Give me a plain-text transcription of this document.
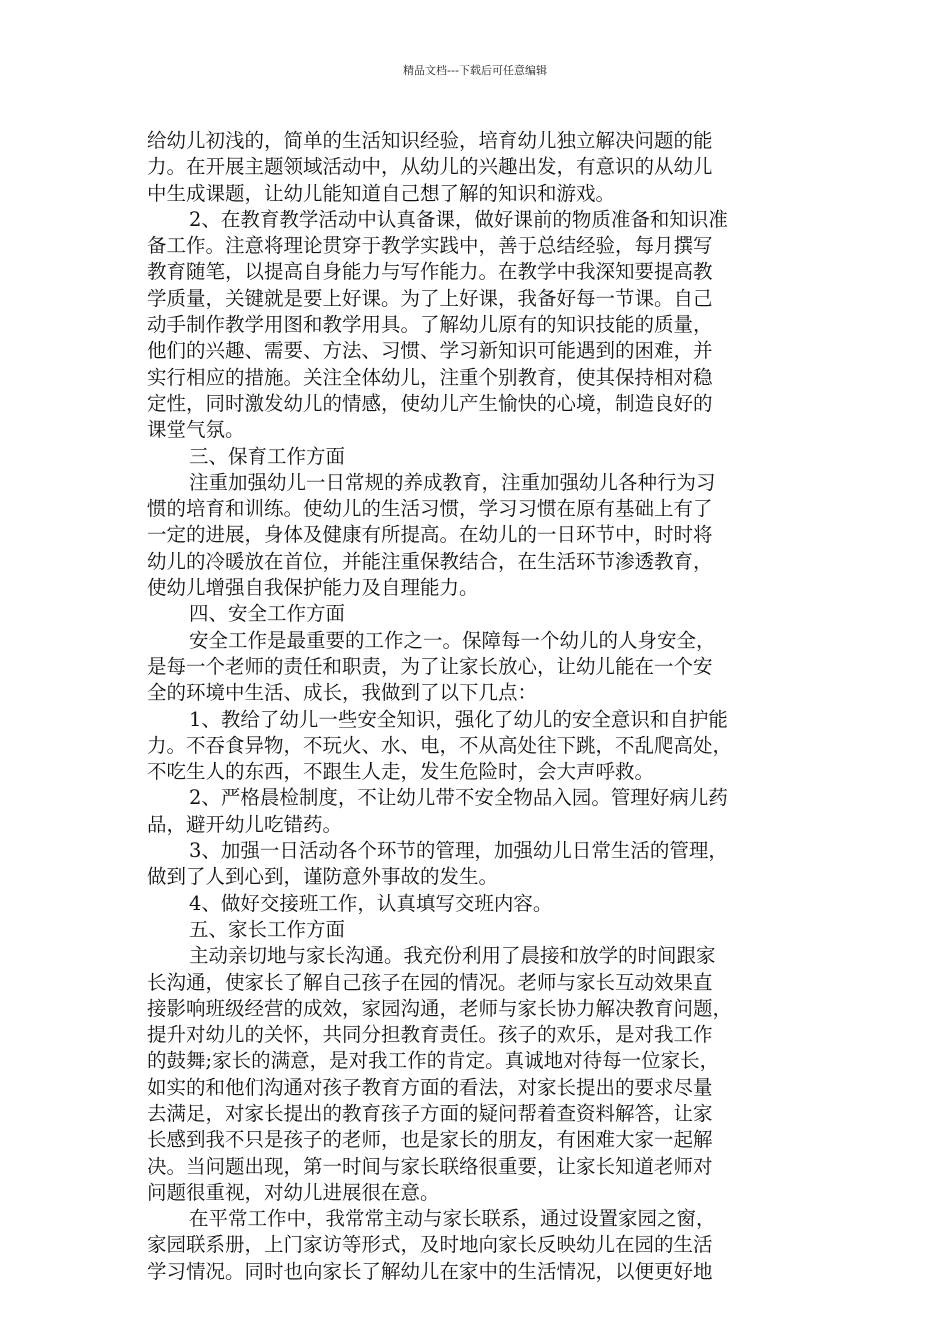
精品文档---下载后可任意编辑
给幼儿初浅的，简单的生活知识经验，培育幼儿独立解决问题的能
力。在开展主题领域活动中，从幼儿的兴趣出发，有意识的从幼儿
中生成课题，让幼儿能知道自己想了解的知识和游戏。
2、在教育教学活动中认真备课，做好课前的物质准备和知识准
备工作。注意将理论贯穿于教学实践中，善于总结经验，每月撰写
教育随笔，以提高自身能力与写作能力。在教学中我深知要提高教
学质量，关键就是要上好课。为了上好课，我备好每一节课。自己
动手制作教学用图和教学用具。了解幼儿原有的知识技能的质量，
他们的兴趣、需要、方法、习惯、学习新知识可能遇到的困难，并
实行相应的措施。关注全体幼儿，注重个别教育，使其保持相对稳
定性，同时激发幼儿的情感，使幼儿产生愉快的心境，制造良好的
课堂气氛。
三、保育工作方面
注重加强幼儿一日常规的养成教育，注重加强幼儿各种行为习
惯的培育和训练。使幼儿的生活习惯，学习习惯在原有基础上有了
一定的进展，身体及健康有所提高。在幼儿的一日环节中，时时将
幼儿的冷暖放在首位，并能注重保教结合，在生活环节渗透教育，
使幼儿增强自我保护能力及自理能力。
四、安全工作方面
安全工作是最重要的工作之一。保障每一个幼儿的人身安全，
是每一个老师的责任和职责，为了让家长放心，让幼儿能在一个安
全的环境中生活、成长，我做到了以下几点：
1、教给了幼儿一些安全知识，强化了幼儿的安全意识和自护能
力。不吞食异物，不玩火、水、电，不从高处往下跳，不乱爬高处，
不吃生人的东西，不跟生人走，发生危险时，会大声呼救。
2、严格晨检制度，不让幼儿带不安全物品入园。管理好病儿药
品，避开幼儿吃错药。
3、加强一日活动各个环节的管理，加强幼儿日常生活的管理，
做到了人到心到，谨防意外事故的发生。
4、做好交接班工作，认真填写交班内容。
五、家长工作方面
主动亲切地与家长沟通。我充份利用了晨接和放学的时间跟家
长沟通，使家长了解自己孩子在园的情况。老师与家长互动效果直
接影响班级经营的成效，家园沟通，老师与家长协力解决教育问题，
提升对幼儿的关怀，共同分担教育责任。孩子的欢乐，是对我工作
的鼓舞;家长的满意，是对我工作的肯定。真诚地对待每一位家长，
如实的和他们沟通对孩子教育方面的看法，对家长提出的要求尽量
去满足，对家长提出的教育孩子方面的疑问帮着查资料解答，让家
长感到我不只是孩子的老师，也是家长的朋友，有困难大家一起解
决。当问题出现，第一时间与家长联络很重要，让家长知道老师对
问题很重视，对幼儿进展很在意。
在平常工作中，我常常主动与家长联系，通过设置家园之窗，
家园联系册，上门家访等形式，及时地向家长反映幼儿在园的生活
学习情况。同时也向家长了解幼儿在家中的生活情况，以便更好地
